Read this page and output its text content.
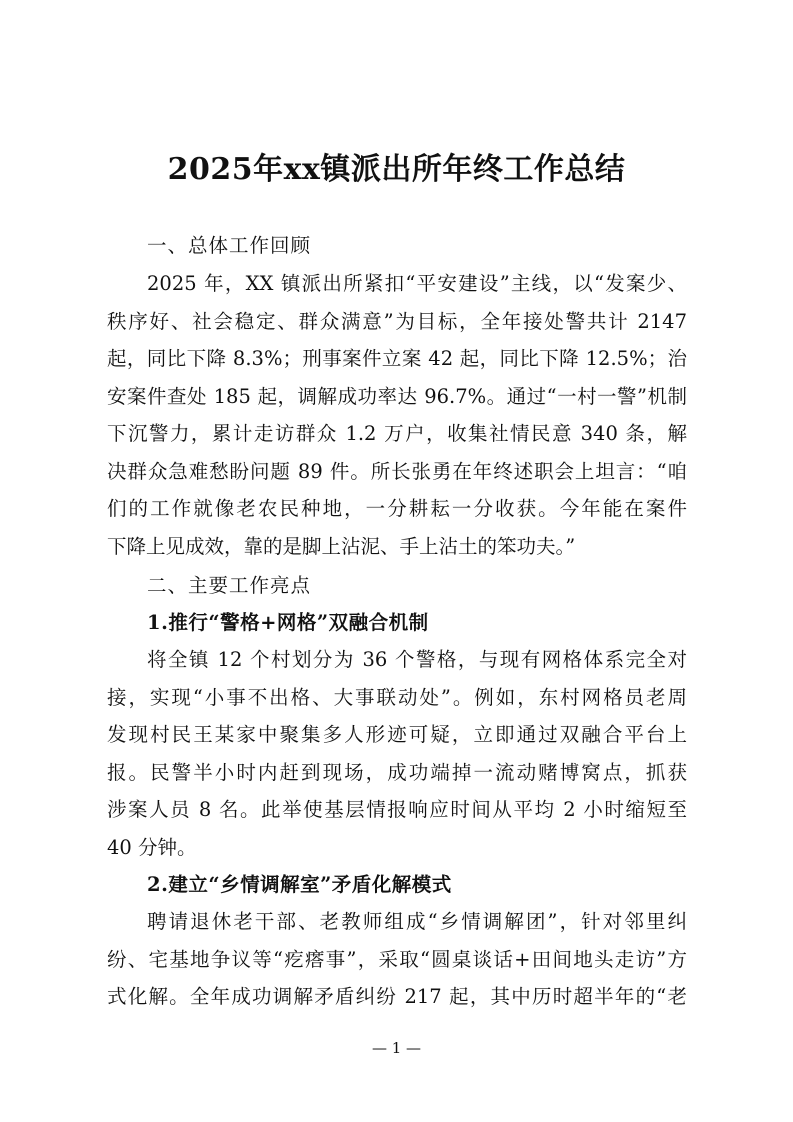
2025年xx镇派出所年终工作总结
一、总体工作回顾
2025 年，XX 镇派出所紧扣“平安建设”主线，以“发案少、
秩序好、社会稳定、群众满意”为目标，全年接处警共计 2147
起，同比下降 8.3%；刑事案件立案 42 起，同比下降 12.5%；治
安案件查处 185 起，调解成功率达 96.7%。通过“一村一警”机制
下沉警力，累计走访群众 1.2 万户，收集社情民意 340 条，解
决群众急难愁盼问题 89 件。所长张勇在年终述职会上坦言：“咱
们的工作就像老农民种地，一分耕耘一分收获。今年能在案件
下降上见成效，靠的是脚上沾泥、手上沾土的笨功夫。”
二、主要工作亮点
1.推行“警格+网格”双融合机制
将全镇 12 个村划分为 36 个警格，与现有网格体系完全对
接，实现“小事不出格、大事联动处”。例如，东村网格员老周
发现村民王某家中聚集多人形迹可疑，立即通过双融合平台上
报。民警半小时内赶到现场，成功端掉一流动赌博窝点，抓获
涉案人员 8 名。此举使基层情报响应时间从平均 2 小时缩短至
40 分钟。
2.建立“乡情调解室”矛盾化解模式
聘请退休老干部、老教师组成“乡情调解团”，针对邻里纠
纷、宅基地争议等“疙瘩事”，采取“圆桌谈话+田间地头走访”方
式化解。全年成功调解矛盾纠纷 217 起，其中历时超半年的“老
— 1 —
